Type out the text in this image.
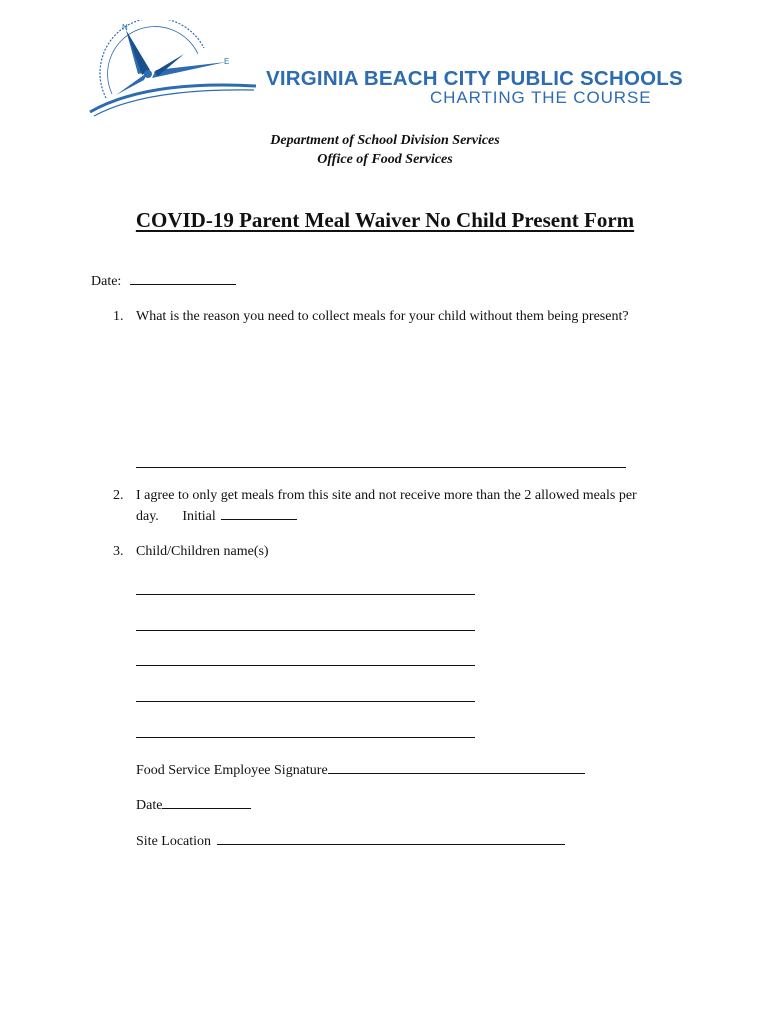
N
E
VIRGINIA BEACH CITY PUBLIC SCHOOLS
CHARTING THE COURSE
Department of School Division Services
Office of Food Services
COVID-19 Parent Meal Waiver No Child Present Form
Date:
1. What is the reason you need to collect meals for your child without them being present?
2. I agree to only get meals from this site and not receive more than the 2 allowed meals per
day. Initial
3. Child/Children name(s)
Food Service Employee Signature
Date
Site Location
